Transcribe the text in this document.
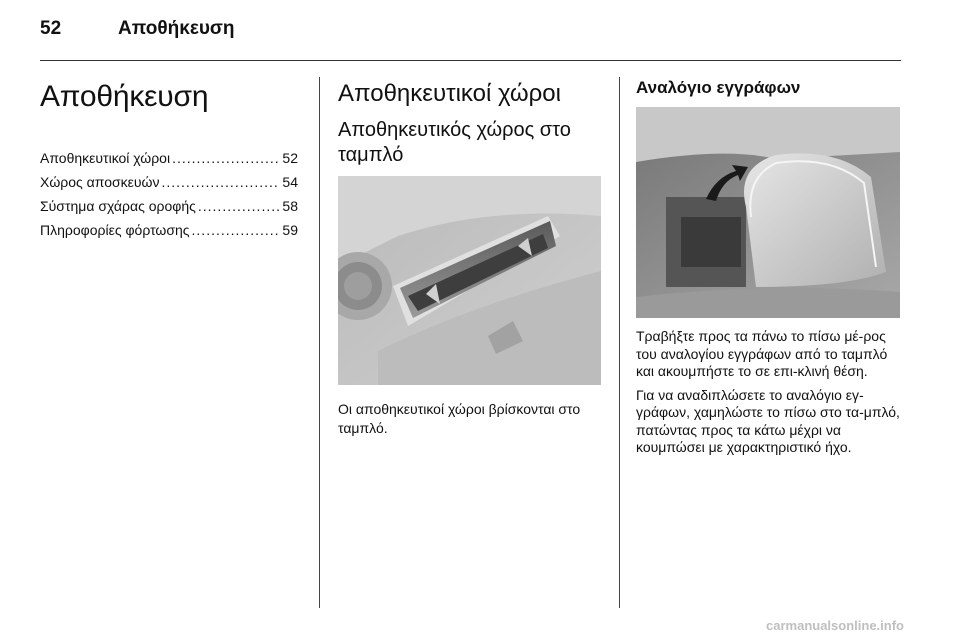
52	Αποθήκευση
Αποθήκευση
Αποθηκευτικοί χώροι .....	52
Χώρος αποσκευών .....	54
Σύστημα σχάρας οροφής .....	58
Πληροφορίες φόρτωσης .....	59
Αποθηκευτικοί χώροι
Αποθηκευτικός χώρος στο ταμπλό
Οι αποθηκευτικοί χώροι βρίσκονται στο ταμπλό.
Αναλόγιο εγγράφων

Τραβήξτε προς τα πάνω το πίσω μέ-ρος του αναλογίου εγγράφων από το ταμπλό και ακουμπήστε το σε επι-κλινή θέση.

Για να αναδιπλώσετε το αναλόγιο εγ-γράφων, χαμηλώστε το πίσω στο τα-μπλό, πατώντας προς τα κάτω μέχρι να κουμπώσει με χαρακτηριστικό ήχο.

carmanualsonline.info
